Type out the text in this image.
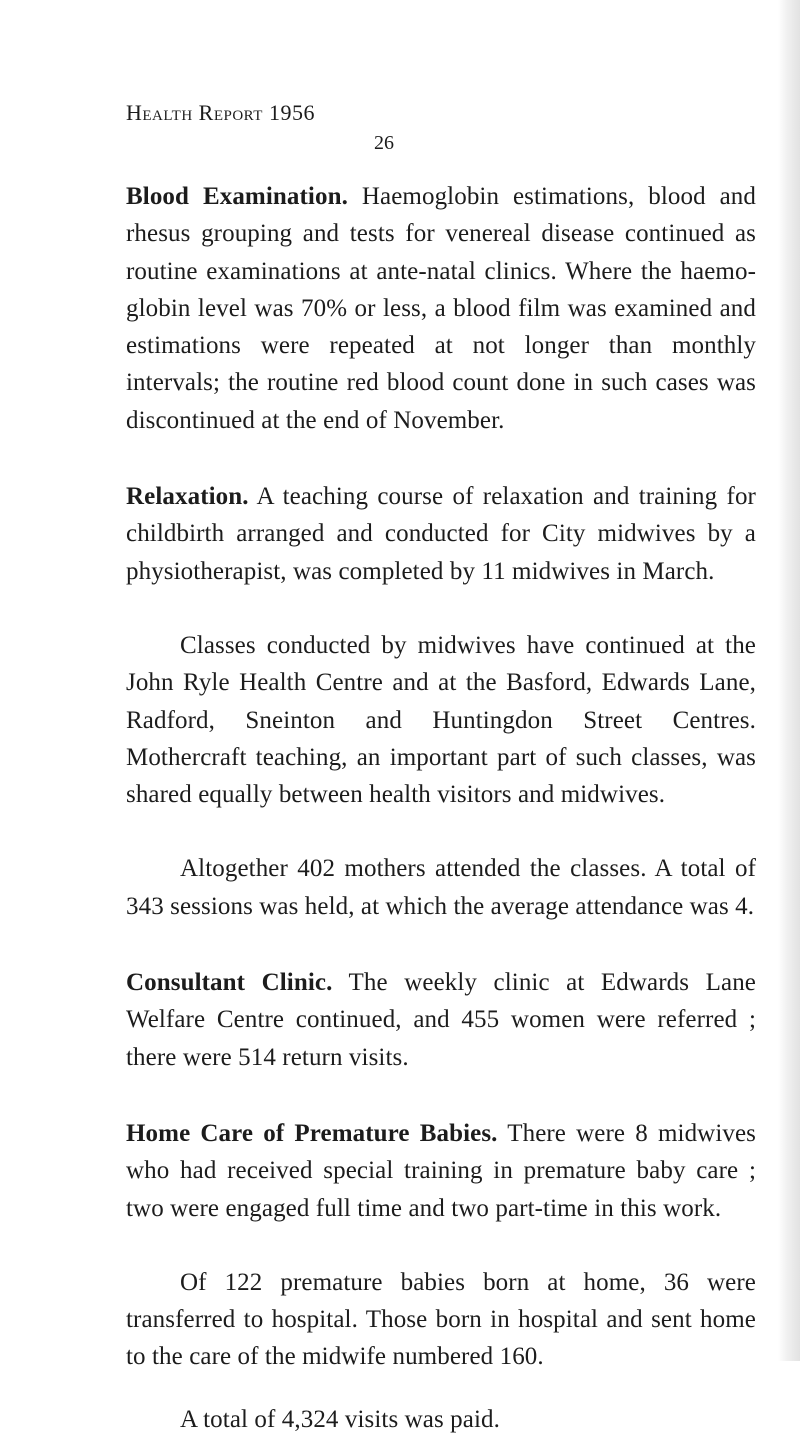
Health Report 1956
26

Blood Examination. Haemoglobin estimations, blood and rhesus grouping and tests for venereal disease continued as routine examinations at ante-natal clinics. Where the haemo-globin level was 70% or less, a blood film was examined and estimations were repeated at not longer than monthly intervals; the routine red blood count done in such cases was discontinued at the end of November.

Relaxation. A teaching course of relaxation and training for childbirth arranged and conducted for City midwives by a physiotherapist, was completed by 11 midwives in March.

Classes conducted by midwives have continued at the John Ryle Health Centre and at the Basford, Edwards Lane, Radford, Sneinton and Huntingdon Street Centres. Mothercraft teaching, an important part of such classes, was shared equally between health visitors and midwives.

Altogether 402 mothers attended the classes. A total of 343 sessions was held, at which the average attendance was 4.

Consultant Clinic. The weekly clinic at Edwards Lane Welfare Centre continued, and 455 women were referred ; there were 514 return visits.

Home Care of Premature Babies. There were 8 midwives who had received special training in premature baby care ; two were engaged full time and two part-time in this work.

Of 122 premature babies born at home, 36 were transferred to hospital. Those born in hospital and sent home to the care of the midwife numbered 160.

A total of 4,324 visits was paid.
